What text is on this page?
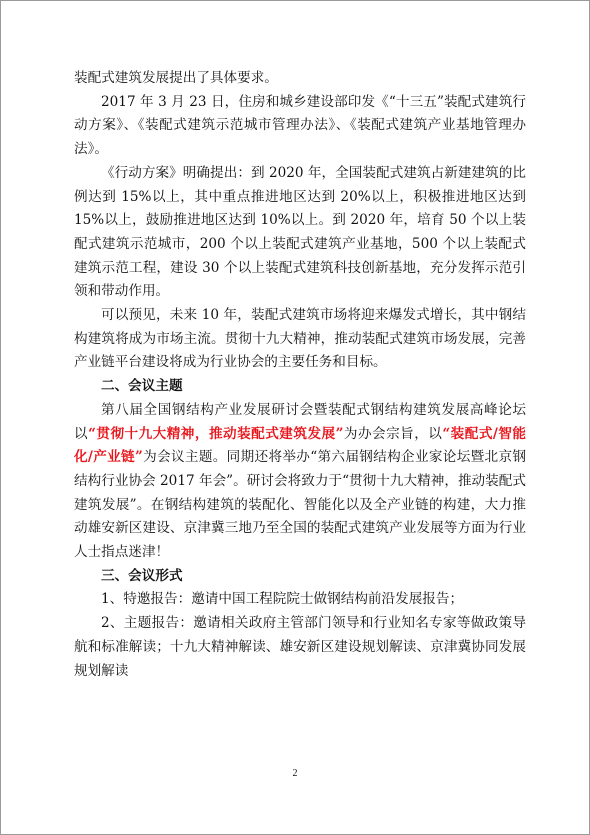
装配式建筑发展提出了具体要求。

2017 年 3 月 23 日，住房和城乡建设部印发《“十三五”装配式建筑行动方案》、《装配式建筑示范城市管理办法》、《装配式建筑产业基地管理办法》。

《行动方案》明确提出：到 2020 年，全国装配式建筑占新建建筑的比例达到 15%以上，其中重点推进地区达到 20%以上，积极推进地区达到 15%以上，鼓励推进地区达到 10%以上。到 2020 年，培育 50 个以上装配式建筑示范城市，200 个以上装配式建筑产业基地，500 个以上装配式建筑示范工程，建设 30 个以上装配式建筑科技创新基地，充分发挥示范引领和带动作用。

可以预见，未来 10 年，装配式建筑市场将迎来爆发式增长，其中钢结构建筑将成为市场主流。贯彻十九大精神，推动装配式建筑市场发展，完善产业链平台建设将成为行业协会的主要任务和目标。

二、会议主题

第八届全国钢结构产业发展研讨会暨装配式钢结构建筑发展高峰论坛以“贯彻十九大精神，推动装配式建筑发展”为办会宗旨，以“装配式/智能化/产业链”为会议主题。同期还将举办“第六届钢结构企业家论坛暨北京钢结构行业协会 2017 年会”。研讨会将致力于“贯彻十九大精神，推动装配式建筑发展”。在钢结构建筑的装配化、智能化以及全产业链的构建，大力推动雄安新区建设、京津冀三地乃至全国的装配式建筑产业发展等方面为行业人士指点迷津！

三、会议形式

1、特邀报告：邀请中国工程院院士做钢结构前沿发展报告；

2、主题报告：邀请相关政府主管部门领导和行业知名专家等做政策导航和标准解读；十九大精神解读、雄安新区建设规划解读、京津冀协同发展规划解读

2
